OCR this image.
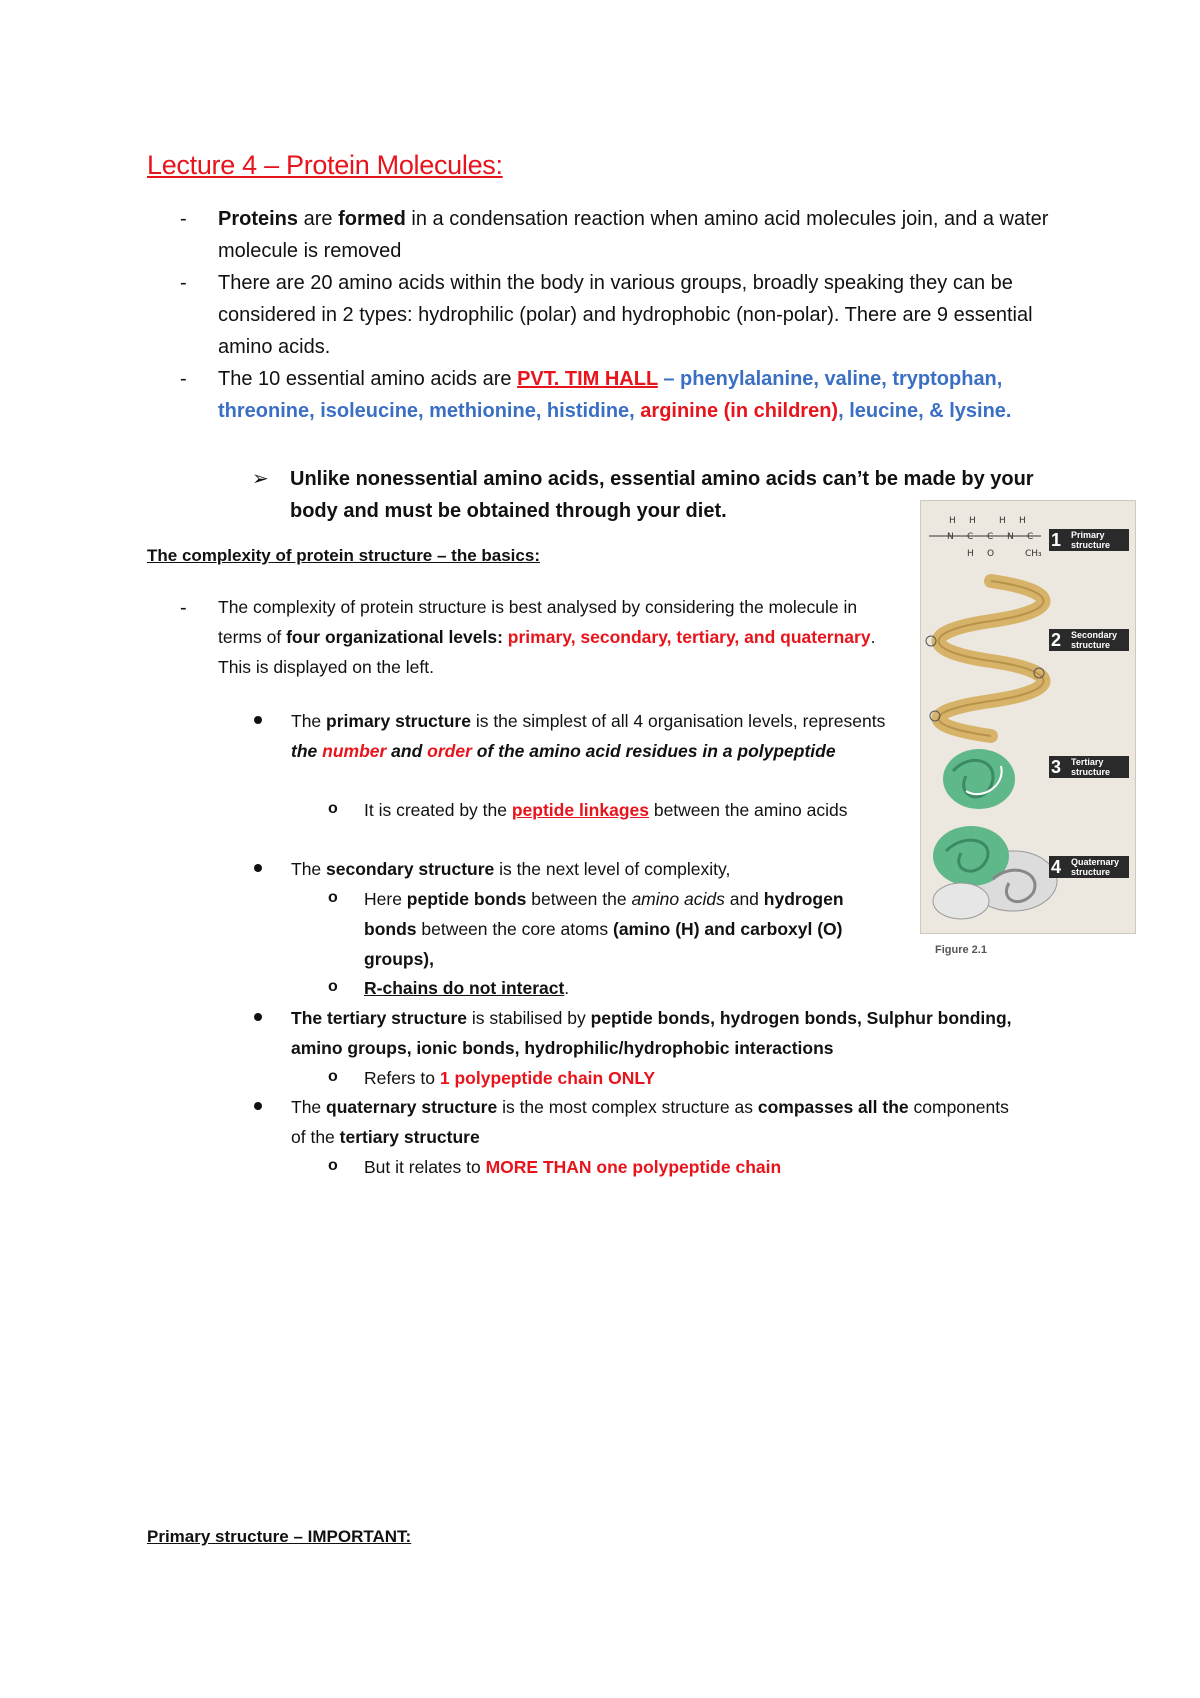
Lecture 4 – Protein Molecules:
- Proteins are formed in a condensation reaction when amino acid molecules join, and a water molecule is removed
- There are 20 amino acids within the body in various groups, broadly speaking they can be considered in 2 types: hydrophilic (polar) and hydrophobic (non-polar). There are 9 essential amino acids.
- The 10 essential amino acids are PVT. TIM HALL – phenylalanine, valine, tryptophan, threonine, isoleucine, methionine, histidine, arginine (in children), leucine, & lysine.
➢ Unlike nonessential amino acids, essential amino acids can’t be made by your body and must be obtained through your diet.
The complexity of protein structure – the basics:
- The complexity of protein structure is best analysed by considering the molecule in terms of four organizational levels: primary, secondary, tertiary, and quaternary. This is displayed on the left.
The primary structure is the simplest of all 4 organisation levels, represents the number and order of the amino acid residues in a polypeptide
o It is created by the peptide linkages between the amino acids
The secondary structure is the next level of complexity,
o Here peptide bonds between the amino acids and hydrogen bonds between the core atoms (amino (H) and carboxyl (O) groups),
o R-chains do not interact.
The tertiary structure is stabilised by peptide bonds, hydrogen bonds, Sulphur bonding, amino groups, ionic bonds, hydrophilic/hydrophobic interactions
o Refers to 1 polypeptide chain ONLY
The quaternary structure is the most complex structure as compasses all the components of the tertiary structure
o But it relates to MORE THAN one polypeptide chain
Primary structure – IMPORTANT:
H H	H H
N C C N C
H O	CH₃
1 Primary structure
2 Secondary structure
3 Tertiary structure
4 Quaternary structure
Figure 2.1
